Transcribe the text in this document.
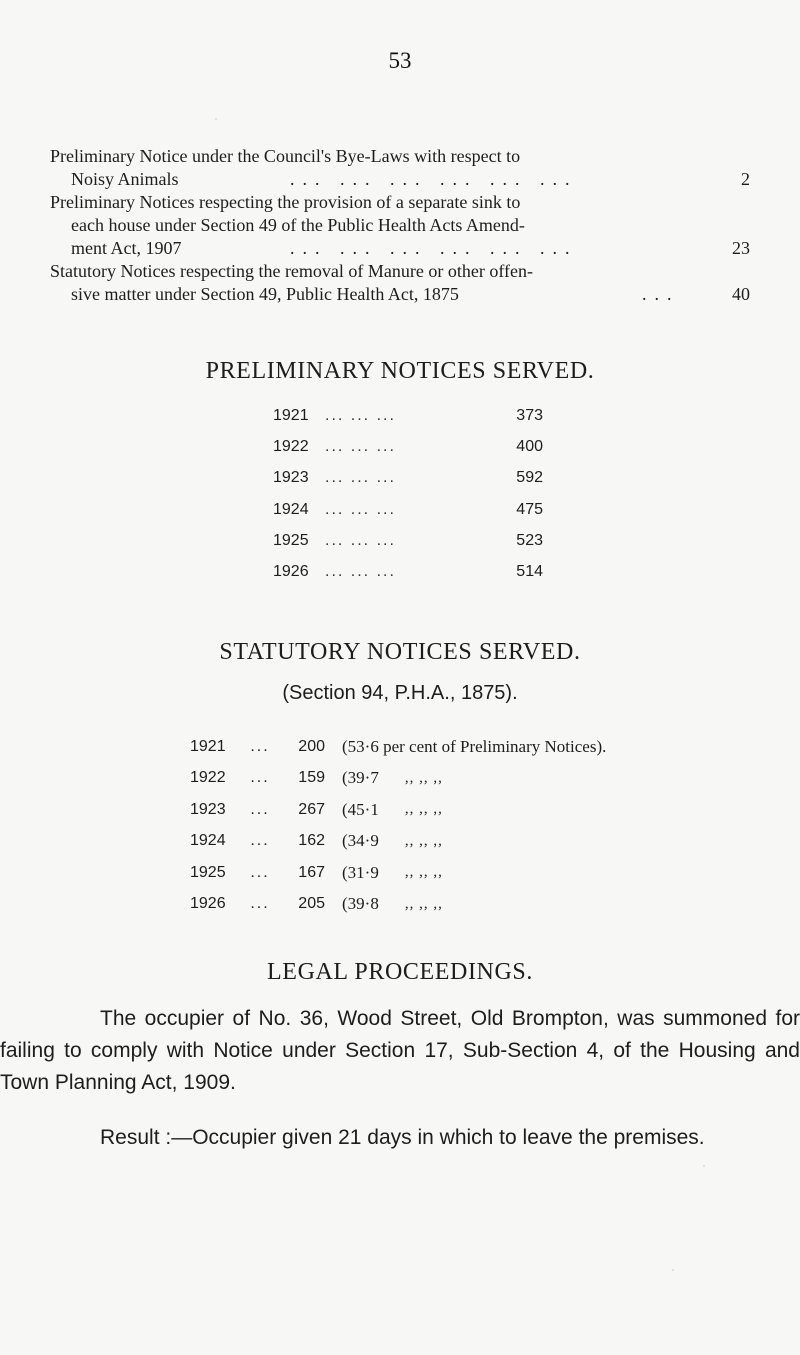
53
Preliminary Notice under the Council's Bye-Laws with respect to
Noisy Animals	... ... ... ... ... ...	2
Preliminary Notices respecting the provision of a separate sink to
each house under Section 49 of the Public Health Acts Amend-
ment Act, 1907	... ... ... ... ... ...	23
Statutory Notices respecting the removal of Manure or other offen-
sive matter under Section 49, Public Health Act, 1875	...	40
PRELIMINARY NOTICES SERVED.
1921	... ... ...	373
1922	... ... ...	400
1923	... ... ...	592
1924	... ... ...	475
1925	... ... ...	523
1926	... ... ...	514
STATUTORY NOTICES SERVED.
(Section 94, P.H.A., 1875).
1921	...	200 (53·6 per cent of Preliminary Notices).
1922	...	159 (39·7 ,, ,, ,,
1923	...	267 (45·1 ,, ,, ,,
1924	...	162 (34·9 ,, ,, ,,
1925	...	167 (31·9 ,, ,, ,,
1926	...	205 (39·8 ,, ,, ,,
LEGAL PROCEEDINGS.

The occupier of No. 36, Wood Street, Old Brompton, was summoned for failing to comply with Notice under Section 17, Sub-Section 4, of the Housing and Town Planning Act, 1909.

Result :—Occupier given 21 days in which to leave the premises.
